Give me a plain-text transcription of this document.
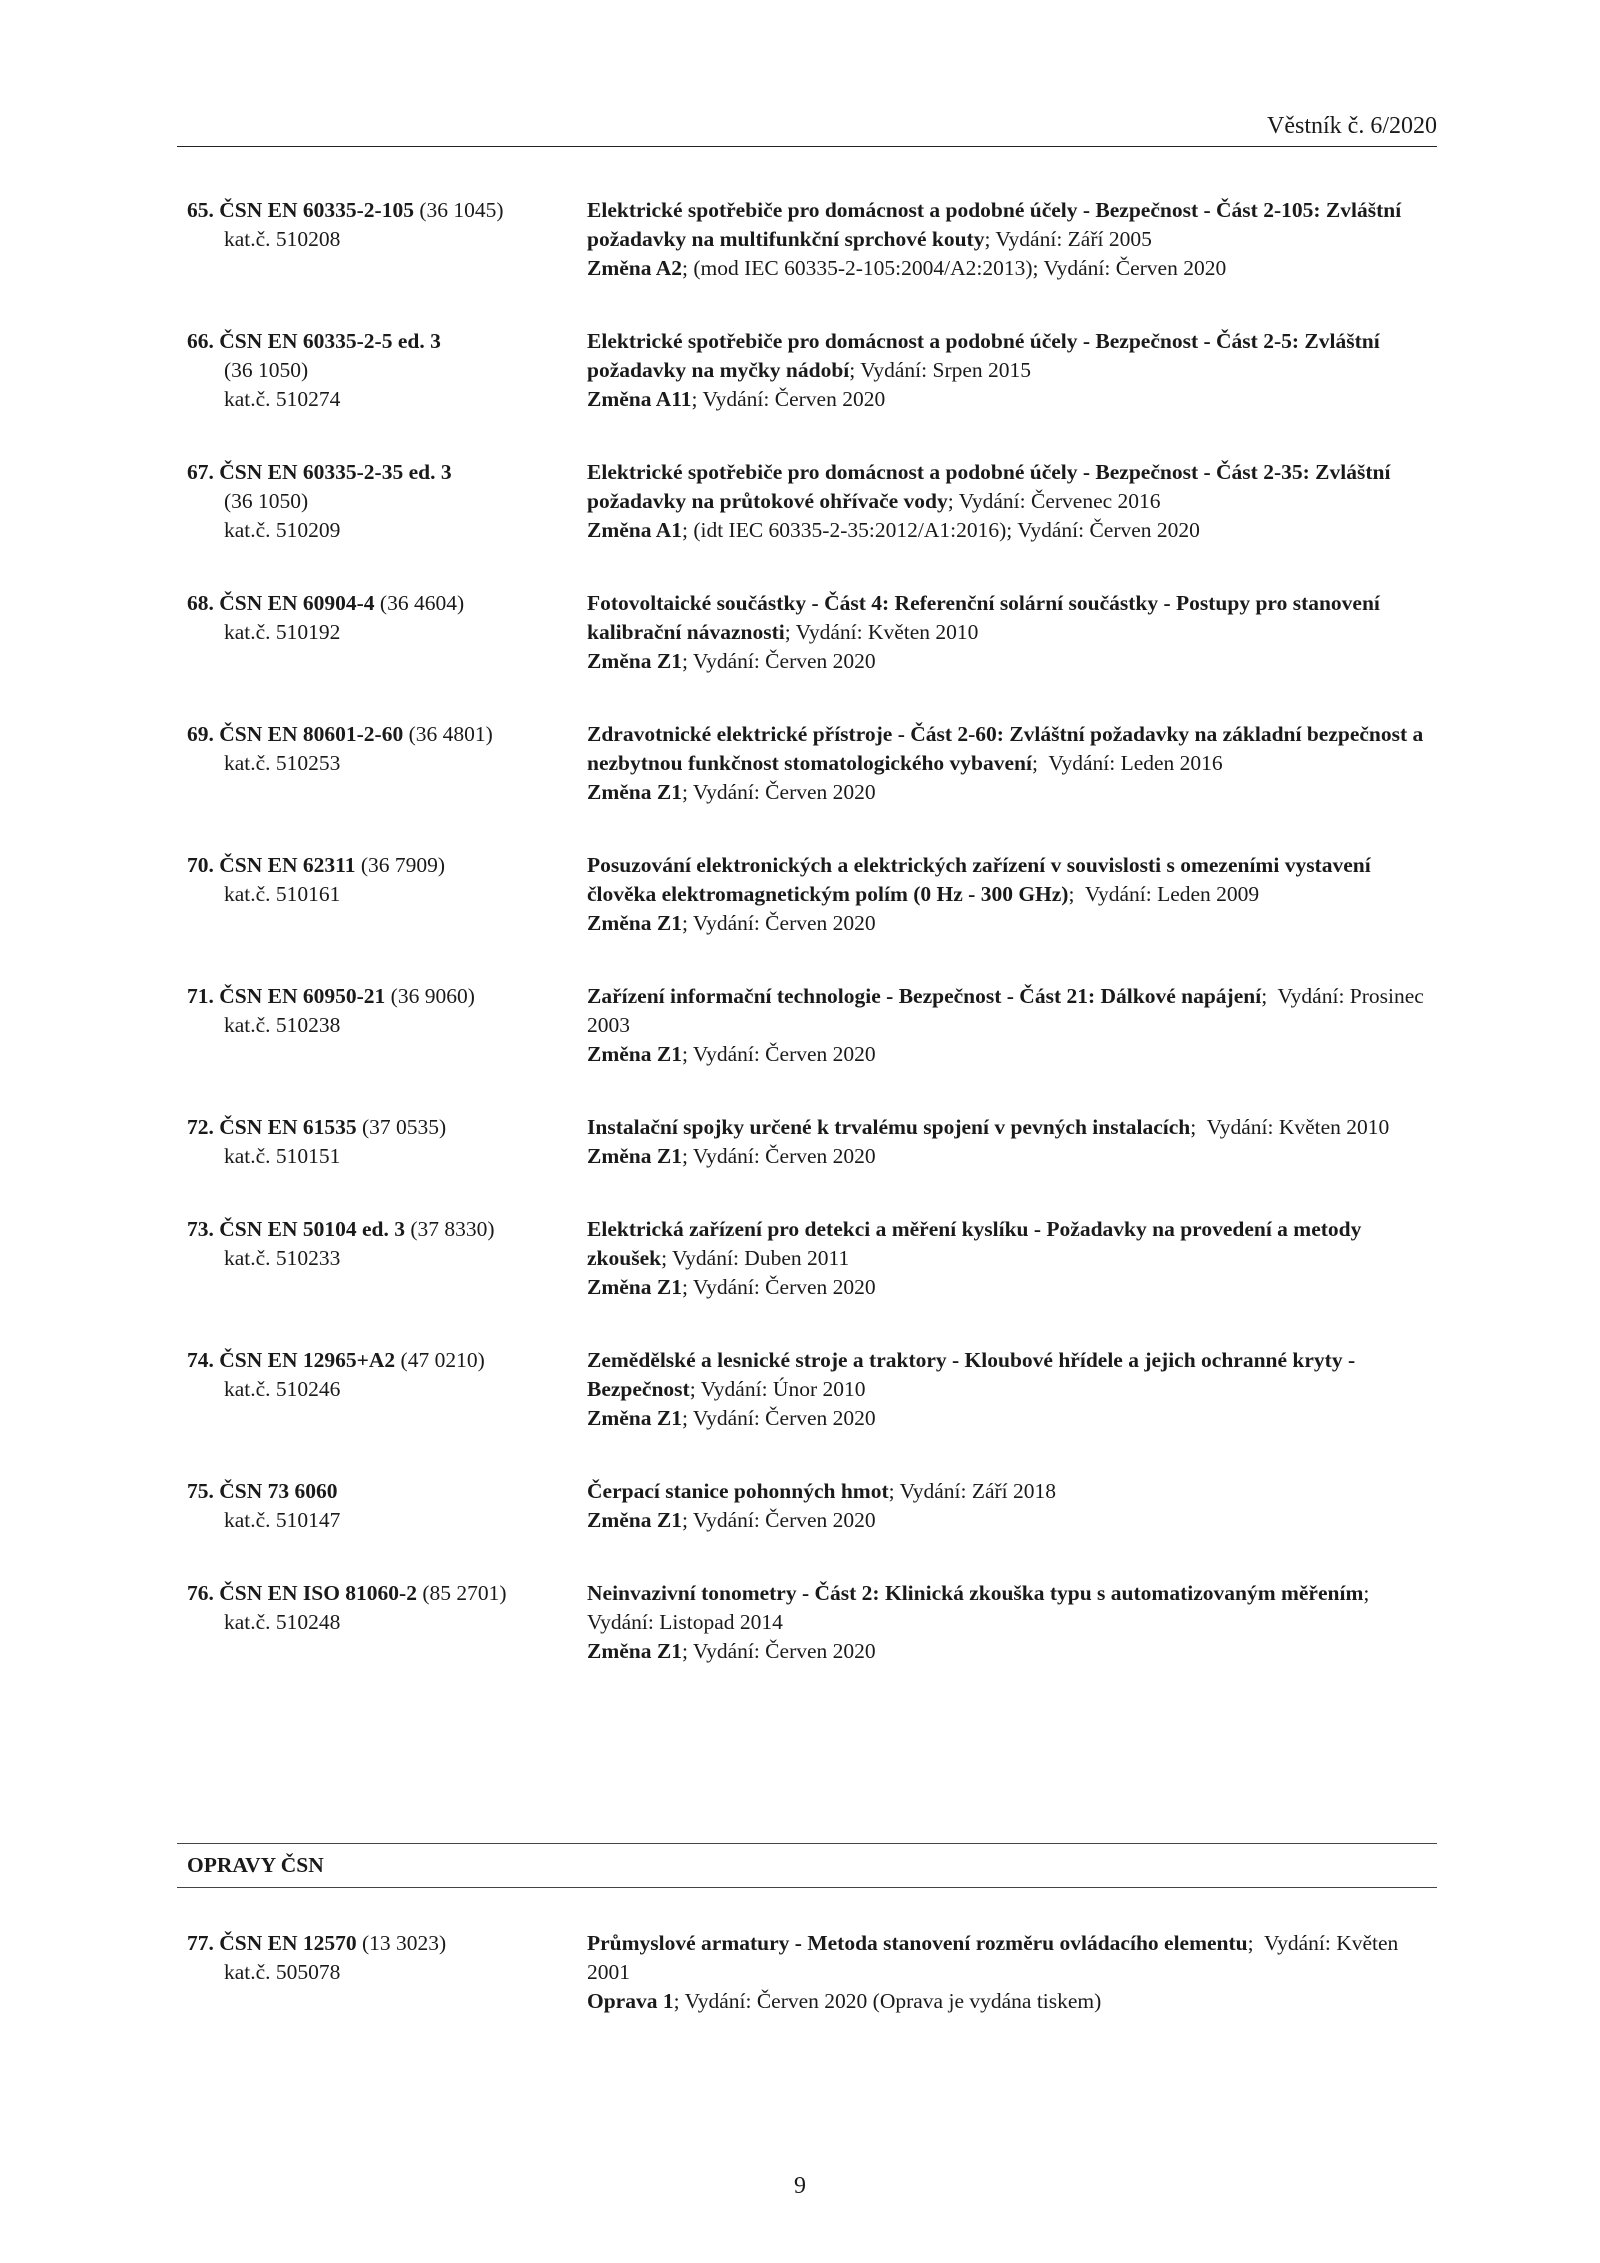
Věstník č. 6/2020
65. ČSN EN 60335-2-105 (36 1045)
kat.č. 510208
Elektrické spotřebiče pro domácnost a podobné účely - Bezpečnost - Část 2-105: Zvláštní požadavky na multifunkční sprchové kouty; Vydání: Září 2005
Změna A2; (mod IEC 60335-2-105:2004/A2:2013); Vydání: Červen 2020
66. ČSN EN 60335-2-5 ed. 3
(36 1050)
kat.č. 510274
Elektrické spotřebiče pro domácnost a podobné účely - Bezpečnost - Část 2-5: Zvláštní požadavky na myčky nádobí; Vydání: Srpen 2015
Změna A11; Vydání: Červen 2020
67. ČSN EN 60335-2-35 ed. 3
(36 1050)
kat.č. 510209
Elektrické spotřebiče pro domácnost a podobné účely - Bezpečnost - Část 2-35: Zvláštní požadavky na průtokové ohřívače vody; Vydání: Červenec 2016
Změna A1; (idt IEC 60335-2-35:2012/A1:2016); Vydání: Červen 2020
68. ČSN EN 60904-4 (36 4604)
kat.č. 510192
Fotovoltaické součástky - Část 4: Referenční solární součástky - Postupy pro stanovení kalibrační návaznosti; Vydání: Květen 2010
Změna Z1; Vydání: Červen 2020
69. ČSN EN 80601-2-60 (36 4801)
kat.č. 510253
Zdravotnické elektrické přístroje - Část 2-60: Zvláštní požadavky na základní bezpečnost a nezbytnou funkčnost stomatologického vybavení;  Vydání: Leden 2016
Změna Z1; Vydání: Červen 2020
70. ČSN EN 62311 (36 7909)
kat.č. 510161
Posuzování elektronických a elektrických zařízení v souvislosti s omezeními vystavení člověka elektromagnetickým polím (0 Hz - 300 GHz);  Vydání: Leden 2009
Změna Z1; Vydání: Červen 2020
71. ČSN EN 60950-21 (36 9060)
kat.č. 510238
Zařízení informační technologie - Bezpečnost - Část 21: Dálkové napájení;  Vydání: Prosinec 2003
Změna Z1; Vydání: Červen 2020
72. ČSN EN 61535 (37 0535)
kat.č. 510151
Instalační spojky určené k trvalému spojení v pevných instalacích;  Vydání: Květen 2010
Změna Z1; Vydání: Červen 2020
73. ČSN EN 50104 ed. 3 (37 8330)
kat.č. 510233
Elektrická zařízení pro detekci a měření kyslíku - Požadavky na provedení a metody zkoušek; Vydání: Duben 2011
Změna Z1; Vydání: Červen 2020
74. ČSN EN 12965+A2 (47 0210)
kat.č. 510246
Zemědělské a lesnické stroje a traktory - Kloubové hřídele a jejich ochranné kryty - Bezpečnost; Vydání: Únor 2010
Změna Z1; Vydání: Červen 2020
75. ČSN 73 6060
kat.č. 510147
Čerpací stanice pohonných hmot; Vydání: Září 2018
Změna Z1; Vydání: Červen 2020
76. ČSN EN ISO 81060-2 (85 2701)
kat.č. 510248
Neinvazivní tonometry - Část 2: Klinická zkouška typu s automatizovaným měřením; Vydání: Listopad 2014
Změna Z1; Vydání: Červen 2020
OPRAVY ČSN
77. ČSN EN 12570 (13 3023)
kat.č. 505078
Průmyslové armatury - Metoda stanovení rozměru ovládacího elementu;  Vydání: Květen 2001
Oprava 1; Vydání: Červen 2020 (Oprava je vydána tiskem)
9
